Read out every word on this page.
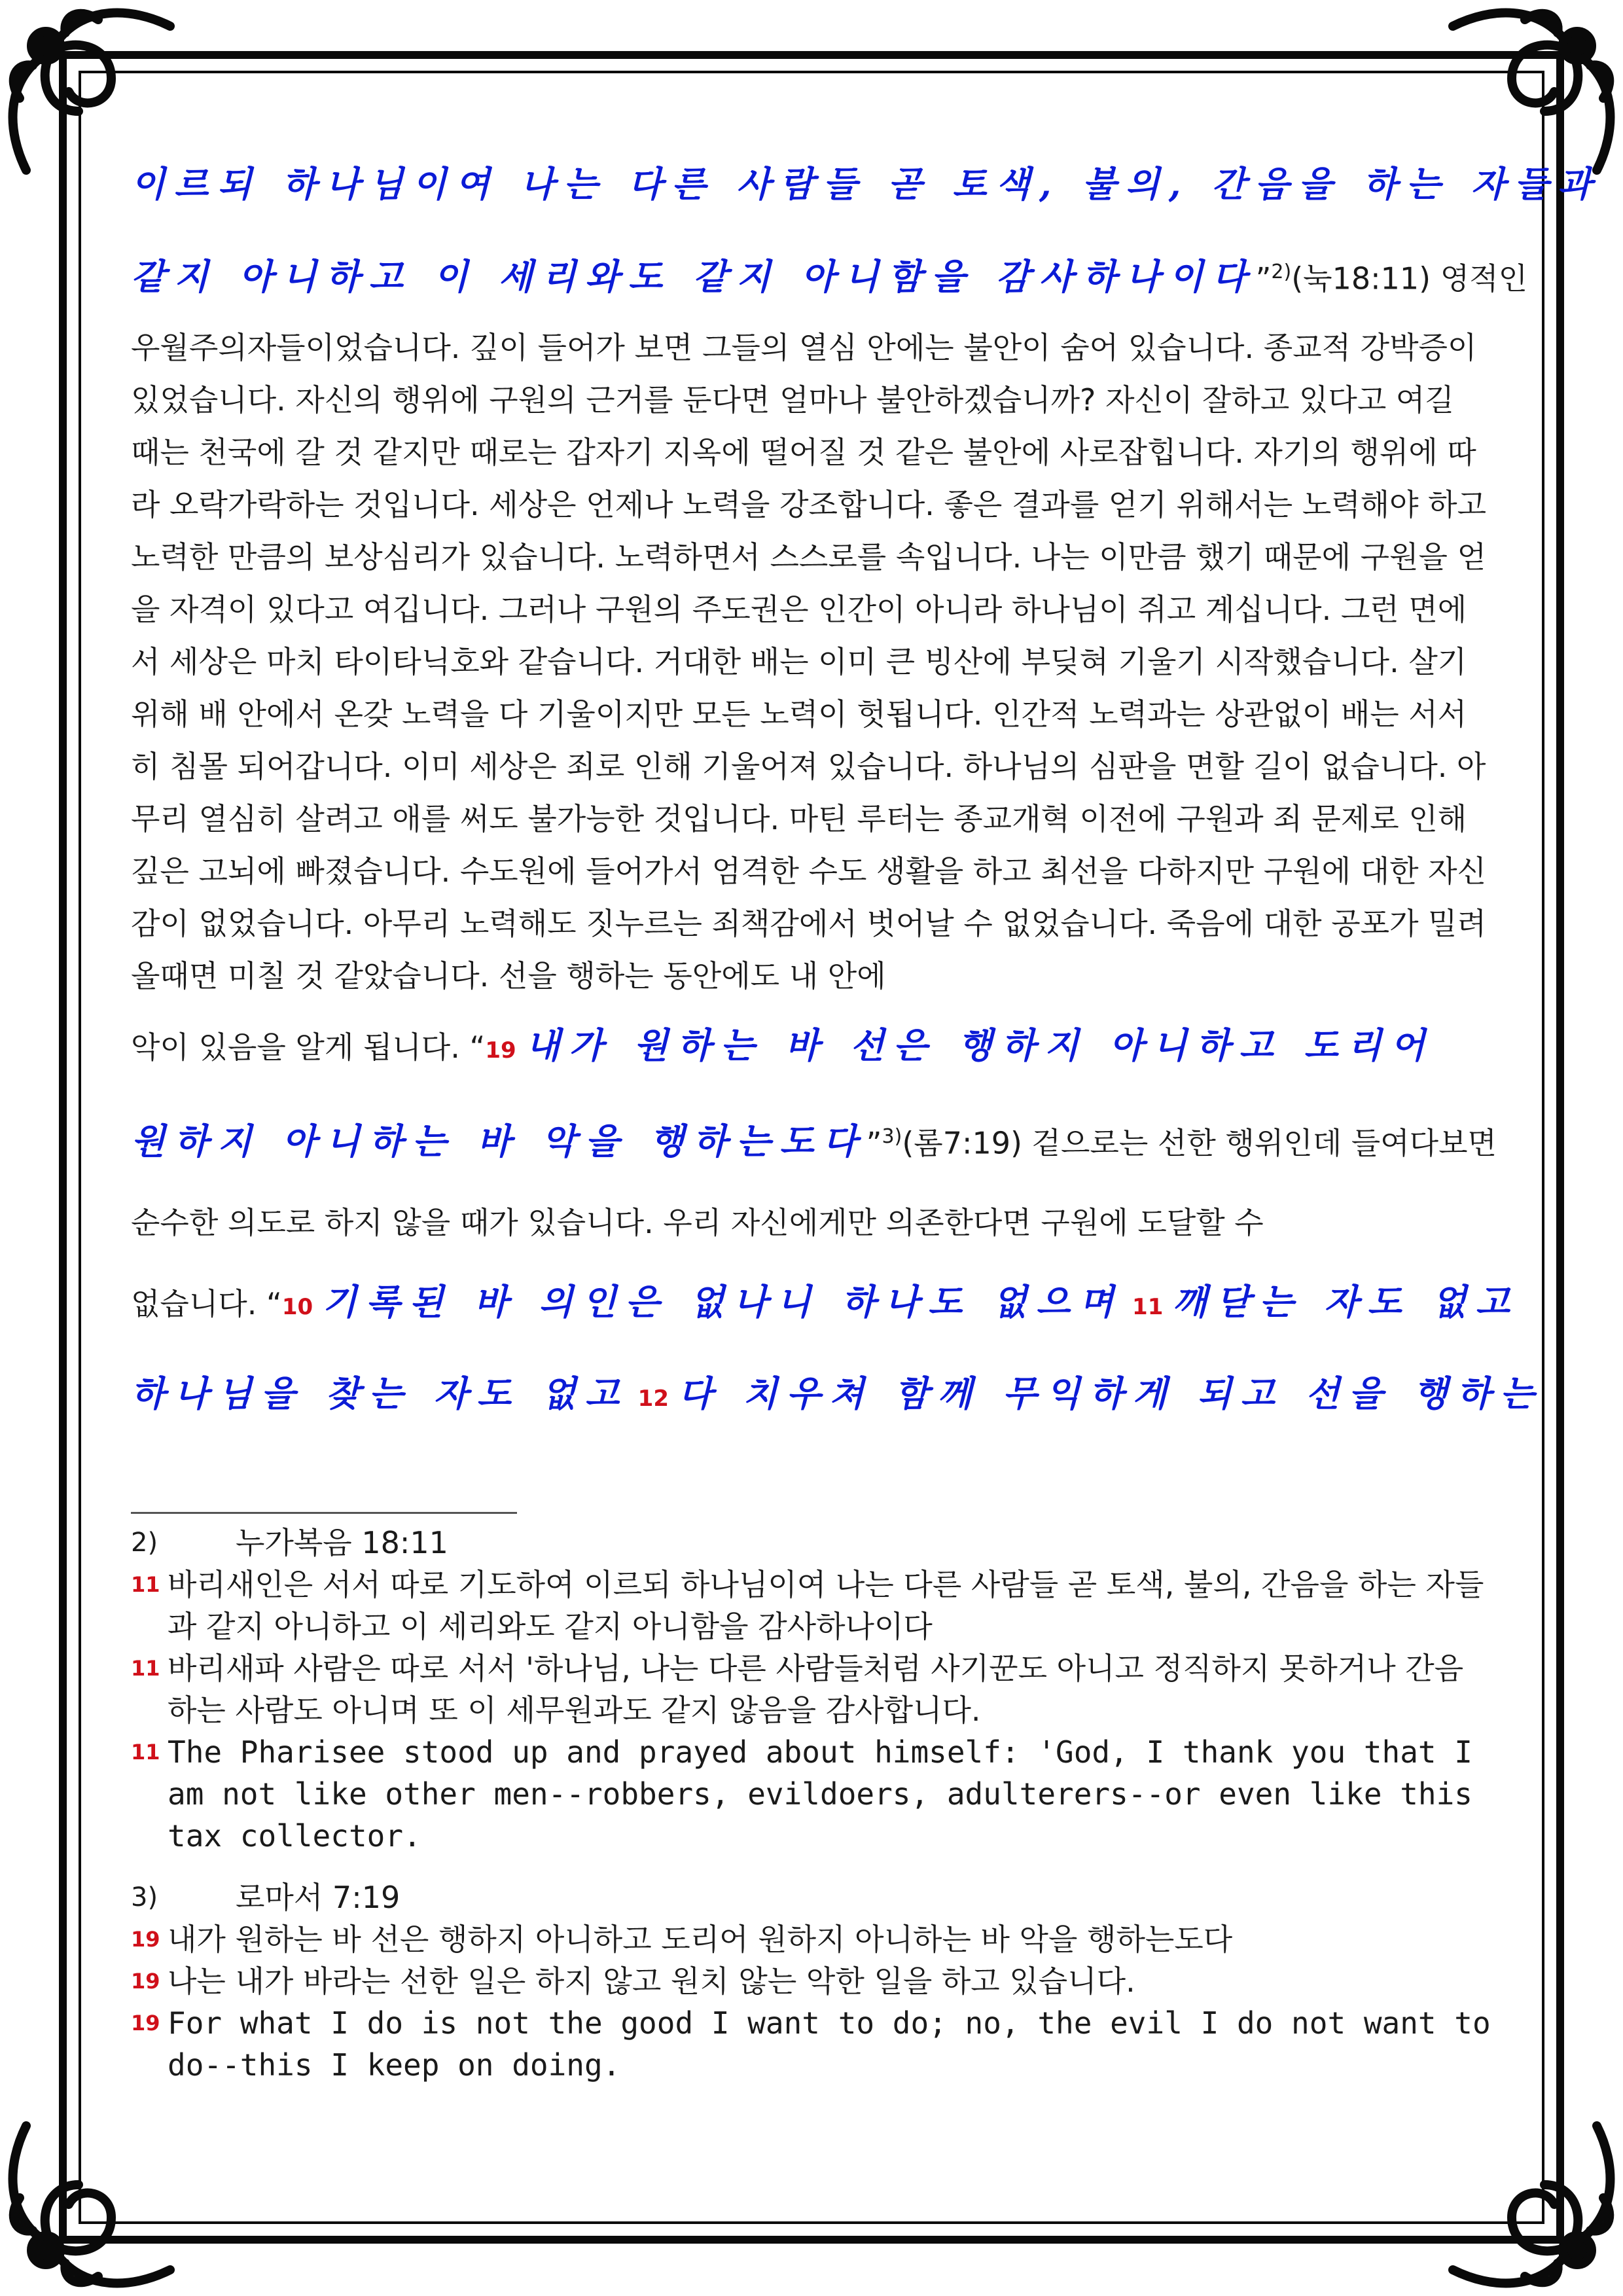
이르되 하나님이여 나는 다른 사람들 곧 토색, 불의, 간음을 하는 자들과

같지 아니하고 이 세리와도 같지 아니함을 감사하나이다”$^{2)}$(눅18:11) 영적인

우월주의자들이었습니다. 깊이 들어가 보면 그들의 열심 안에는 불안이 숨어 있습니다. 종교적 강박증이 있었습니다. 자신의 행위에 구원의 근거를 둔다면 얼마나 불안하겠습니까? 자신이 잘하고 있다고 여길 때는 천국에 갈 것 같지만 때로는 갑자기 지옥에 떨어질 것 같은 불안에 사로잡힙니다. 자기의 행위에 따라 오락가락하는 것입니다. 세상은 언제나 노력을 강조합니다. 좋은 결과를 얻기 위해서는 노력해야 하고 노력한 만큼의 보상심리가 있습니다. 노력하면서 스스로를 속입니다. 나는 이만큼 했기 때문에 구원을 얻을 자격이 있다고 여깁니다. 그러나 구원의 주도권은 인간이 아니라 하나님이 쥐고 계십니다. 그런 면에서 세상은 마치 타이타닉호와 같습니다. 거대한 배는 이미 큰 빙산에 부딪혀 기울기 시작했습니다. 살기 위해 배 안에서 온갖 노력을 다 기울이지만 모든 노력이 헛됩니다. 인간적 노력과는 상관없이 배는 서서히 침몰 되어갑니다. 이미 세상은 죄로 인해 기울어져 있습니다. 하나님의 심판을 면할 길이 없습니다. 아무리 열심히 살려고 애를 써도 불가능한 것입니다. 마틴 루터는 종교개혁 이전에 구원과 죄 문제로 인해 깊은 고뇌에 빠졌습니다. 수도원에 들어가서 엄격한 수도 생활을 하고 최선을 다하지만 구원에 대한 자신감이 없었습니다. 아무리 노력해도 짓누르는 죄책감에서 벗어날 수 없었습니다. 죽음에 대한 공포가 밀려올때면 미칠 것 같았습니다. 선을 행하는 동안에도 내 안에

악이 있음을 알게 됩니다. “19 내가 원하는 바 선은 행하지 아니하고 도리어

원하지 아니하는 바 악을 행하는도다”$^{3)}$(롬7:19) 겉으로는 선한 행위인데 들여다보면

순수한 의도로 하지 않을 때가 있습니다. 우리 자신에게만 의존한다면 구원에 도달할 수

없습니다. “10 기록된 바 의인은 없나니 하나도 없으며 11 깨닫는 자도 없고

하나님을 찾는 자도 없고 12 다 치우쳐 함께 무익하게 되고 선을 행하는

2)	누가복음 18:11
11 바리새인은 서서 따로 기도하여 이르되 하나님이여 나는 다른 사람들 곧 토색, 불의, 간음을 하는 자들과 같지 아니하고 이 세리와도 같지 아니함을 감사하나이다
11 바리새파 사람은 따로 서서 '하나님, 나는 다른 사람들처럼 사기꾼도 아니고 정직하지 못하거나 간음하는 사람도 아니며 또 이 세무원과도 같지 않음을 감사합니다.
11 The Pharisee stood up and prayed about himself: 'God, I thank you that I am not like other men--robbers, evildoers, adulterers--or even like this tax collector.
3)	로마서 7:19
19 내가 원하는 바 선은 행하지 아니하고 도리어 원하지 아니하는 바 악을 행하는도다
19 나는 내가 바라는 선한 일은 하지 않고 원치 않는 악한 일을 하고 있습니다.
19 For what I do is not the good I want to do; no, the evil I do not want to do--this I keep on doing.
